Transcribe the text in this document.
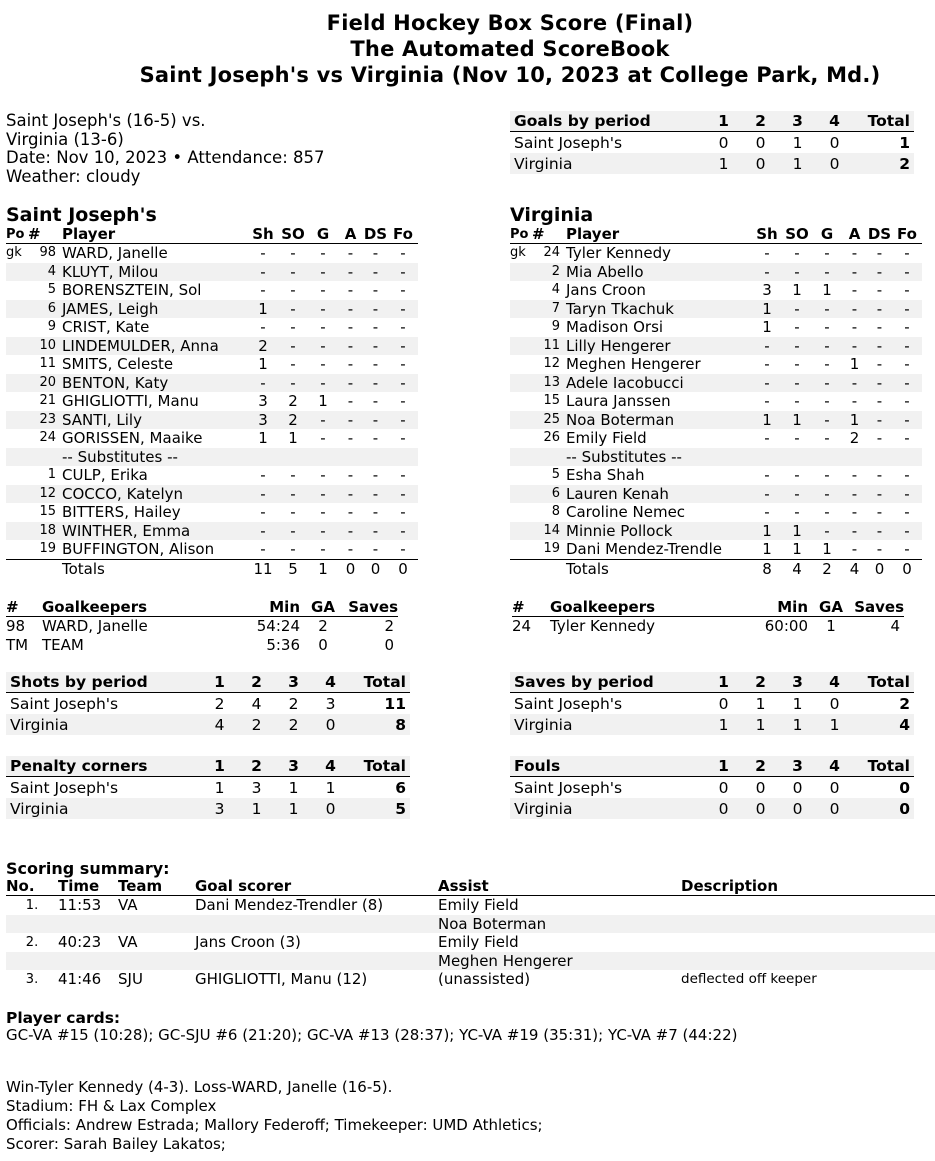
Field Hockey Box Score (Final)
The Automated ScoreBook
Saint Joseph's vs Virginia (Nov 10, 2023 at College Park, Md.)
Saint Joseph's (16-5) vs.
Virginia (13-6)
Date: Nov 10, 2023 • Attendance: 857
Weather: cloudy
Goals by period	1	2	3	4	Total
Saint Joseph's	0	0	1	0	1
Virginia	1	0	1	0	2
Saint Joseph's
Po	#	Player	Sh	SO	G	A	DS	Fo
gk	98	WARD, Janelle	-	-	-	-	-	-
	4	KLUYT, Milou	-	-	-	-	-	-
	5	BORENSZTEIN, Sol	-	-	-	-	-	-
	6	JAMES, Leigh	1	-	-	-	-	-
	9	CRIST, Kate	-	-	-	-	-	-
	10	LINDEMULDER, Anna	2	-	-	-	-	-
	11	SMITS, Celeste	1	-	-	-	-	-
	20	BENTON, Katy	-	-	-	-	-	-
	21	GHIGLIOTTI, Manu	3	2	1	-	-	-
	23	SANTI, Lily	3	2	-	-	-	-
	24	GORISSEN, Maaike	1	1	-	-	-	-
-- Substitutes --								
	1	CULP, Erika	-	-	-	-	-	-
	12	COCCO, Katelyn	-	-	-	-	-	-
	15	BITTERS, Hailey	-	-	-	-	-	-
	18	WINTHER, Emma	-	-	-	-	-	-
	19	BUFFINGTON, Alison	-	-	-	-	-	-
		Totals	11	5	1	0	0	0
Virginia
Po	#	Player	Sh	SO	G	A	DS	Fo
gk	24	Tyler Kennedy	-	-	-	-	-	-
	2	Mia Abello	-	-	-	-	-	-
	4	Jans Croon	3	1	1	-	-	-
	7	Taryn Tkachuk	1	-	-	-	-	-
	9	Madison Orsi	1	-	-	-	-	-
	11	Lilly Hengerer	-	-	-	-	-	-
	12	Meghen Hengerer	-	-	-	1	-	-
	13	Adele Iacobucci	-	-	-	-	-	-
	15	Laura Janssen	-	-	-	-	-	-
	25	Noa Boterman	1	1	-	1	-	-
	26	Emily Field	-	-	-	2	-	-
-- Substitutes --								
	5	Esha Shah	-	-	-	-	-	-
	6	Lauren Kenah	-	-	-	-	-	-
	8	Caroline Nemec	-	-	-	-	-	-
	14	Minnie Pollock	1	1	-	-	-	-
	19	Dani Mendez-Trendle	1	1	1	-	-	-
		Totals	8	4	2	4	0	0
#	Goalkeepers	Min	GA	Saves
98	WARD, Janelle	54:24	2	2
TM	TEAM	5:36	0	0
#	Goalkeepers	Min	GA	Saves
24	Tyler Kennedy	60:00	1	4
Shots by period	1	2	3	4	Total
Saint Joseph's	2	4	2	3	11
Virginia	4	2	2	0	8
Saves by period	1	2	3	4	Total
Saint Joseph's	0	1	1	0	2
Virginia	1	1	1	1	4
Penalty corners	1	2	3	4	Total
Saint Joseph's	1	3	1	1	6
Virginia	3	1	1	0	5
Fouls	1	2	3	4	Total
Saint Joseph's	0	0	0	0	0
Virginia	0	0	0	0	0
Scoring summary:
No.	Time	Team	Goal scorer	Assist	Description
1.	11:53	VA	Dani Mendez-Trendler (8)	Emily Field	
				Noa Boterman	
2.	40:23	VA	Jans Croon (3)	Emily Field	
				Meghen Hengerer	
3.	41:46	SJU	GHIGLIOTTI, Manu (12)	(unassisted)	deflected off keeper
Player cards:
GC-VA #15 (10:28); GC-SJU #6 (21:20); GC-VA #13 (28:37); YC-VA #19 (35:31); YC-VA #7 (44:22)
Win-Tyler Kennedy (4-3). Loss-WARD, Janelle (16-5).
Stadium: FH & Lax Complex
Officials: Andrew Estrada; Mallory Federoff; Timekeeper: UMD Athletics;
Scorer: Sarah Bailey Lakatos;
